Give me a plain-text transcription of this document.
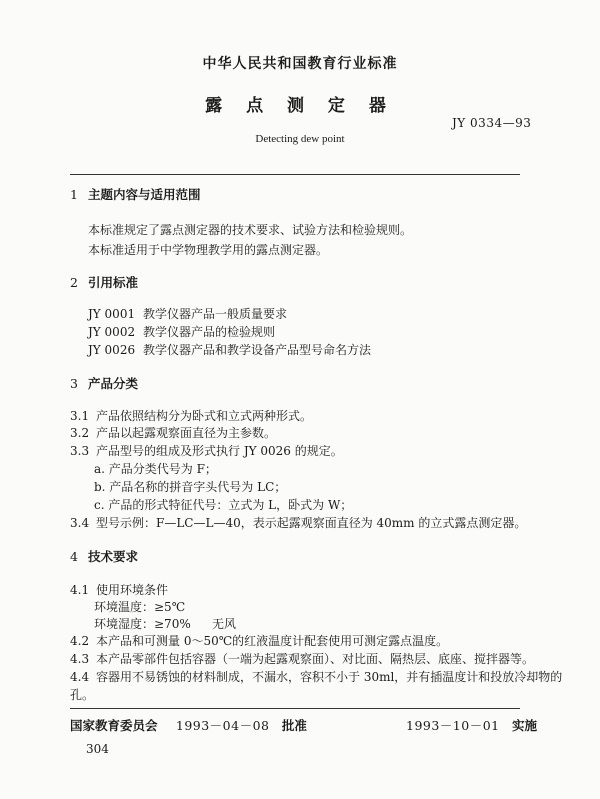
中华人民共和国教育行业标准
露 点 测 定 器
JY 0334—93
Detecting dew point
1 主题内容与适用范围
本标准规定了露点测定器的技术要求、试验方法和检验规则。
本标准适用于中学物理教学用的露点测定器。
2 引用标准
JY 0001 教学仪器产品一般质量要求
JY 0002 教学仪器产品的检验规则
JY 0026 教学仪器产品和教学设备产品型号命名方法
3 产品分类
3.1 产品依照结构分为卧式和立式两种形式。
3.2 产品以起露观察面直径为主参数。
3.3 产品型号的组成及形式执行 JY 0026 的规定。
a. 产品分类代号为 F；
b. 产品名称的拼音字头代号为 LC；
c. 产品的形式特征代号：立式为 L，卧式为 W；
3.4 型号示例：F—LC—L—40，表示起露观察面直径为 40mm 的立式露点测定器。
4 技术要求
4.1 使用环境条件
环境温度：≥5℃
环境湿度：≥70% 无风
4.2 本产品和可测量 0～50℃的红液温度计配套使用可测定露点温度。
4.3 本产品零部件包括容器（一端为起露观察面）、对比面、隔热层、底座、搅拌器等。
4.4 容器用不易锈蚀的材料制成，不漏水，容积不小于 30ml，并有插温度计和投放冷却物的
孔。
国家教育委员会 1993－04－08 批准	1993－10－01 实施
304
